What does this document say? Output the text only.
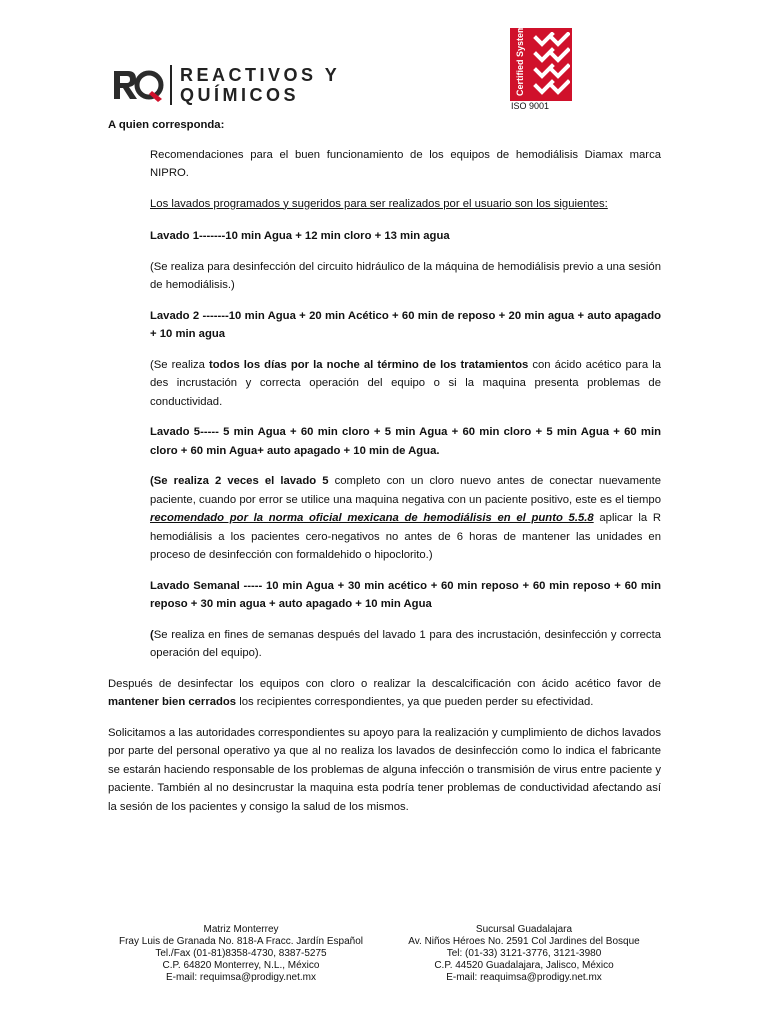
REACTIVOS Y
QUÍMICOS	Certified System
ISO 9001

A quien corresponda:

Recomendaciones para el buen funcionamiento de los equipos de hemodiálisis Diamax marca NIPRO.

Los lavados programados y sugeridos para ser realizados por el usuario son los siguientes:

Lavado 1-------10 min Agua + 12 min cloro + 13 min agua

(Se realiza para desinfección del circuito hidráulico de la máquina de hemodiálisis previo a una sesión de hemodiálisis.)

Lavado 2 -------10 min Agua + 20 min Acético + 60 min de reposo + 20 min agua + auto apagado + 10 min agua

(Se realiza todos los días por la noche al término de los tratamientos con ácido acético para la des incrustación y correcta operación del equipo o si la maquina presenta problemas de conductividad.

Lavado 5----- 5 min Agua + 60 min cloro + 5 min Agua + 60 min cloro + 5 min Agua + 60 min cloro + 60 min Agua+ auto apagado + 10 min de Agua.

(Se realiza 2 veces el lavado 5 completo con un cloro nuevo antes de conectar nuevamente paciente, cuando por error se utilice una maquina negativa con un paciente positivo, este es el tiempo recomendado por la norma oficial mexicana de hemodiálisis en el punto 5.5.8 aplicar la R hemodiálisis a los pacientes cero-negativos no antes de 6 horas de mantener las unidades en proceso de desinfección con formaldehido o hipoclorito.)

Lavado Semanal ----- 10 min Agua + 30 min acético + 60 min reposo + 60 min reposo + 60 min reposo + 30 min agua + auto apagado + 10 min Agua

(Se realiza en fines de semanas después del lavado 1 para des incrustación, desinfección y correcta operación del equipo).

Después de desinfectar los equipos con cloro o realizar la descalcificación con ácido acético favor de mantener bien cerrados los recipientes correspondientes, ya que pueden perder su efectividad.

Solicitamos a las autoridades correspondientes su apoyo para la realización y cumplimiento de dichos lavados por parte del personal operativo ya que al no realiza los lavados de desinfección como lo indica el fabricante se estarán haciendo responsable de los problemas de alguna infección o transmisión de virus entre paciente y paciente. También al no desincrustar la maquina esta podría tener problemas de conductividad afectando así la sesión de los pacientes y consigo la salud de los mismos.

Matriz Monterrey
Fray Luis de Granada No. 818-A Fracc. Jardín Español
Tel./Fax (01-81)8358-4730, 8387-5275
C.P. 64820 Monterrey, N.L., México
E-mail: requimsa@prodigy.net.mx
Sucursal Guadalajara
Av. Niños Héroes No. 2591 Col Jardines del Bosque
Tel: (01-33) 3121-3776, 3121-3980
C.P. 44520 Guadalajara, Jalisco, México
E-mail: reaquimsa@prodigy.net.mx
